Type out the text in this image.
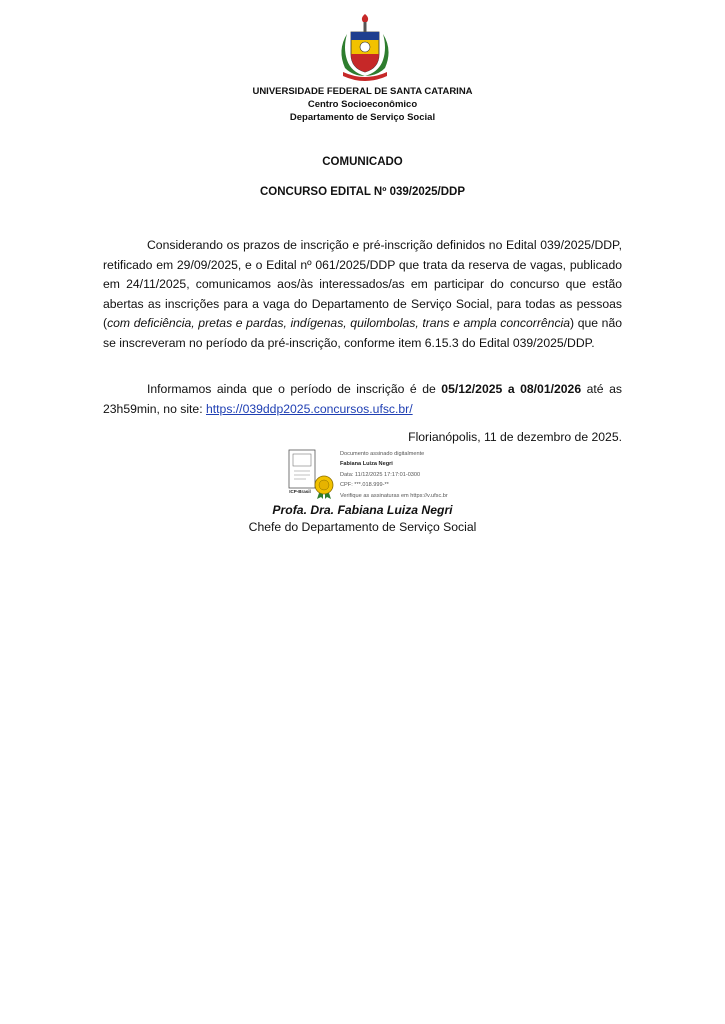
UNIVERSIDADE FEDERAL DE SANTA CATARINA
Centro Socioeconômico
Departamento de Serviço Social
COMUNICADO
CONCURSO EDITAL Nº 039/2025/DDP

Considerando os prazos de inscrição e pré-inscrição definidos no Edital 039/2025/DDP, retificado em 29/09/2025, e o Edital nº 061/2025/DDP que trata da reserva de vagas, publicado em 24/11/2025, comunicamos aos/às interessados/as em participar do concurso que estão abertas as inscrições para a vaga do Departamento de Serviço Social, para todas as pessoas (com deficiência, pretas e pardas, indígenas, quilombolas, trans e ampla concorrência) que não se inscreveram no período da pré-inscrição, conforme item 6.15.3 do Edital 039/2025/DDP.

Informamos ainda que o período de inscrição é de 05/12/2025 a 08/01/2026 até as 23h59min, no site: https://039ddp2025.concursos.ufsc.br/

Florianópolis, 11 de dezembro de 2025.
ICP-Brasil
Documento assinado digitalmente
Fabiana Luiza Negri
Data: 11/12/2025 17:17:01-0300
CPF: ***.018.999-**
Verifique as assinaturas em https://v.ufsc.br
Profa. Dra. Fabiana Luiza Negri
Chefe do Departamento de Serviço Social
